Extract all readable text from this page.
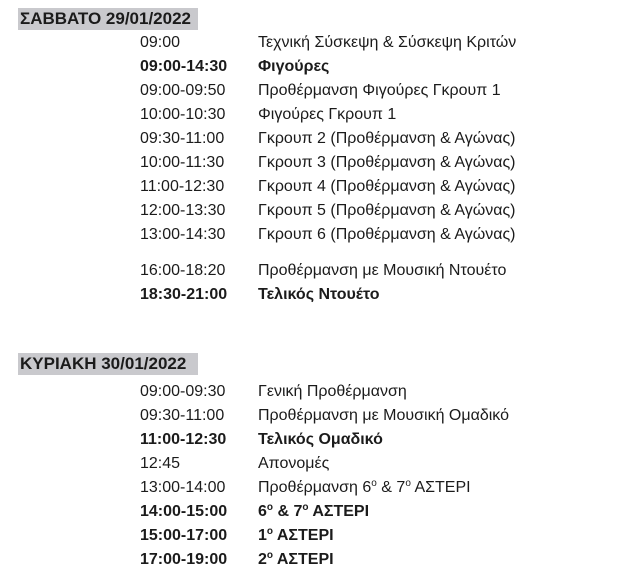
ΣΑΒΒΑΤΟ 29/01/2022
09:00	Τεχνική Σύσκεψη & Σύσκεψη Κριτών
09:00-14:30	Φιγούρες
09:00-09:50	Προθέρμανση Φιγούρες Γκρουπ 1
10:00-10:30	Φιγούρες Γκρουπ 1
09:30-11:00	Γκρουπ 2 (Προθέρμανση & Αγώνας)
10:00-11:30	Γκρουπ 3 (Προθέρμανση & Αγώνας)
11:00-12:30	Γκρουπ 4 (Προθέρμανση & Αγώνας)
12:00-13:30	Γκρουπ 5 (Προθέρμανση & Αγώνας)
13:00-14:30	Γκρουπ 6 (Προθέρμανση & Αγώνας)
16:00-18:20	Προθέρμανση με Μουσική Ντουέτο
18:30-21:00	Τελικός Ντουέτο
ΚΥΡΙΑΚΗ 30/01/2022
09:00-09:30	Γενική Προθέρμανση
09:30-11:00	Προθέρμανση με Μουσική Ομαδικό
11:00-12:30	Τελικός Ομαδικό
12:45	Απονομές
13:00-14:00	Προθέρμανση $6^o$ & $7^o$ ΑΣΤΕΡΙ
14:00-15:00	$6^o$ & $7^o$ ΑΣΤΕΡΙ
15:00-17:00	$1^o$ ΑΣΤΕΡΙ
17:00-19:00	$2^o$ ΑΣΤΕΡΙ
